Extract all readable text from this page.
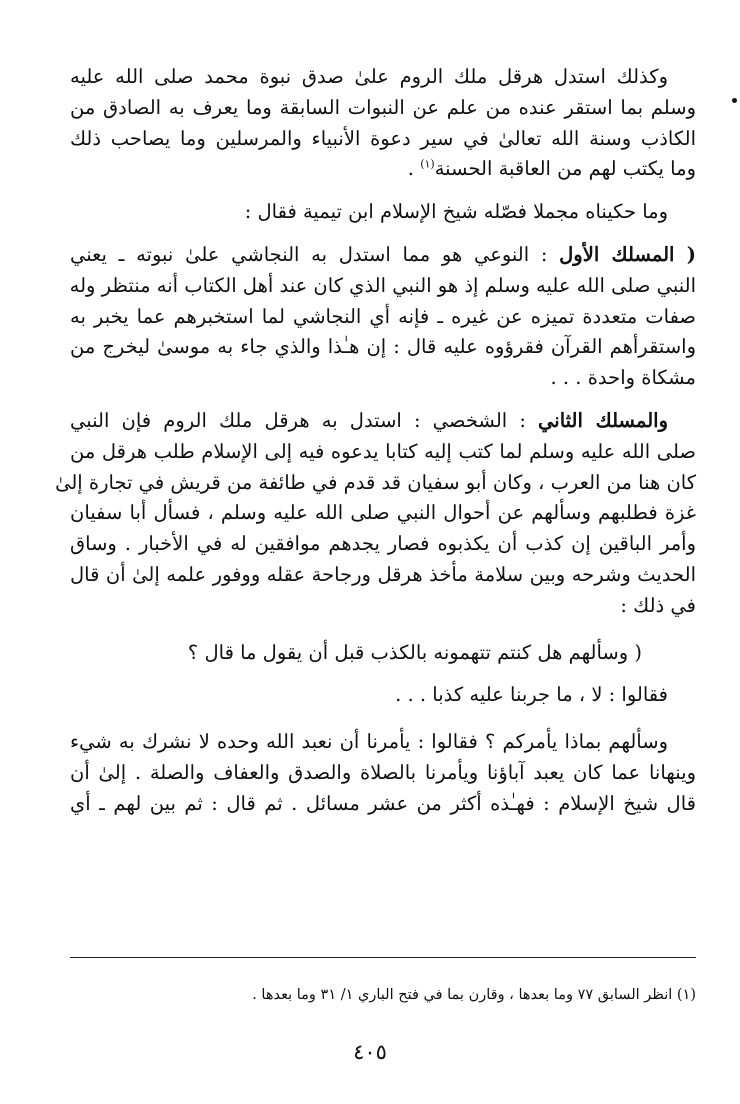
وكذلك استدل هرقل ملك الروم علىٰ صدق نبوة محمد صلى الله عليه
وسلم بما استقر عنده من علم عن النبوات السابقة وما يعرف به الصادق من
الكاذب وسنة الله تعالىٰ في سير دعوة الأنبياء والمرسلين وما يصاحب ذلك
وما يكتب لهم من العاقبة الحسنة$^{(١)}$ .

وما حكيناه مجملا فصّله شيخ الإسلام ابن تيمية فقال :

( المسلك الأول : النوعي هو مما استدل به النجاشي علىٰ نبوته ـ يعني
النبي صلى الله عليه وسلم إذ هو النبي الذي كان عند أهل الكتاب أنه منتظر وله
صفات متعددة تميزه عن غيره ـ فإنه أي النجاشي لما استخبرهم عما يخبر به
واستقرأهم القرآن فقرؤوه عليه قال : إن هـٰذا والذي جاء به موسىٰ ليخرج من
مشكاة واحدة . . .

والمسلك الثاني : الشخصي : استدل به هرقل ملك الروم فإن النبي
صلى الله عليه وسلم لما كتب إليه كتابا يدعوه فيه إلى الإسلام طلب هرقل من
كان هنا من العرب ، وكان أبو سفيان قد قدم في طائفة من قريش في تجارة إلىٰ
غزة فطلبهم وسألهم عن أحوال النبي صلى الله عليه وسلم ، فسأل أبا سفيان
وأمر الباقين إن كذب أن يكذبوه فصار يجدهم موافقين له في الأخبار . وساق
الحديث وشرحه وبين سلامة مأخذ هرقل ورجاحة عقله ووفور علمه إلىٰ أن قال
في ذلك :

( وسألهم هل كنتم تتهمونه بالكذب قبل أن يقول ما قال ؟

فقالوا : لا ، ما جربنا عليه كذبا . . .

وسألهم بماذا يأمركم ؟ فقالوا : يأمرنا أن نعبد الله وحده لا نشرك به شيء
وينهانا عما كان يعبد آباؤنا ويأمرنا بالصلاة والصدق والعفاف والصلة . إلىٰ أن
قال شيخ الإسلام : فهـٰذه أكثر من عشر مسائل . ثم قال : ثم بين لهم ـ أي

(١) انظر السابق ٧٧ وما بعدها ، وقارن بما في فتح الباري ١/ ٣١ وما بعدها .
٤٠٥
